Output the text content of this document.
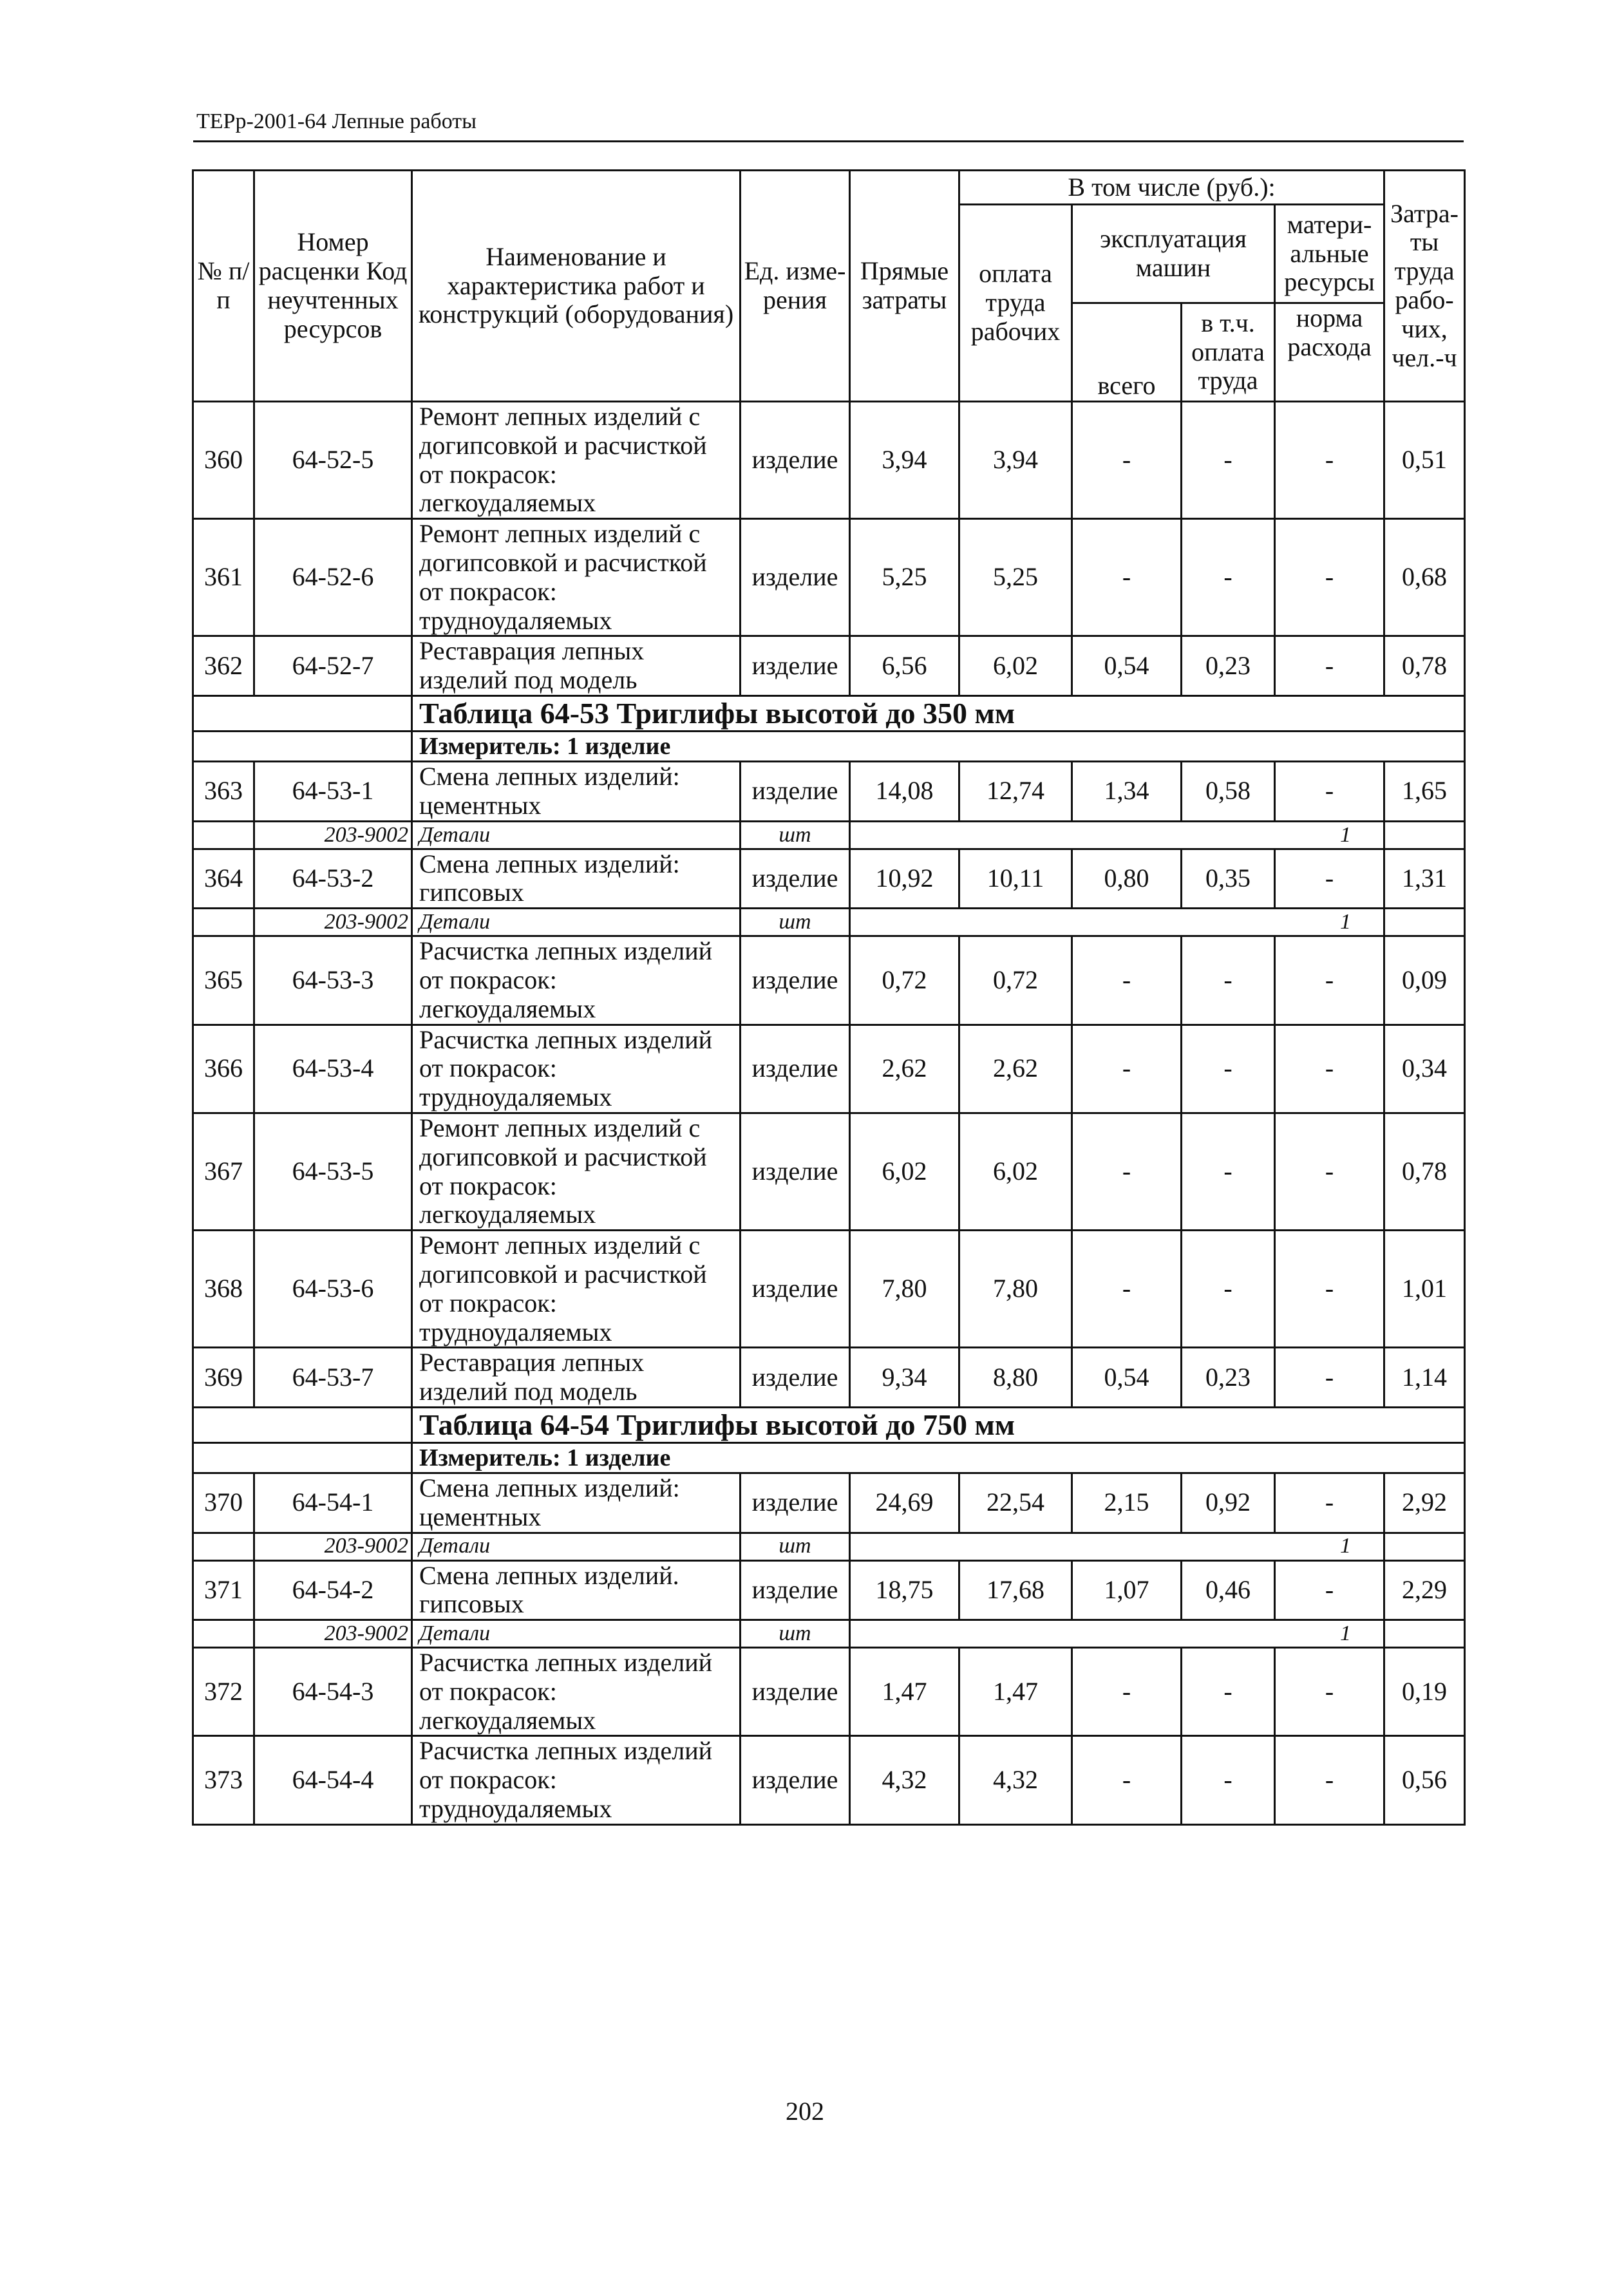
ТЕРр-2001-64 Лепные работы
№ п/п	Номер расценки Код неучтенных ресурсов	Наименование и характеристика работ и конструкций (оборудования)	Ед. изме-рения	Прямые затраты	В том числе (руб.):				Затра-ты труда рабо-чих, чел.-ч
					оплата труда рабочих	эксплуатация машин		матери-альные ресурсы	
						всего	в т.ч. оплата труда	норма расхода	
360	64-52-5	Ремонт лепных изделий с догипсовкой и расчисткой от покрасок: легкоудаляемых	изделие	3,94	3,94	-	-	-	0,51
361	64-52-6	Ремонт лепных изделий с догипсовкой и расчисткой от покрасок: трудноудаляемых	изделие	5,25	5,25	-	-	-	0,68
362	64-52-7	Реставрация лепных изделий под модель	изделие	6,56	6,02	0,54	0,23	-	0,78
		Таблица 64-53 Триглифы высотой до 350 мм							
		Измеритель: 1 изделие							
363	64-53-1	Смена лепных изделий: цементных	изделие	14,08	12,74	1,34	0,58	-	1,65
	203-9002	Детали	шт	1					
364	64-53-2	Смена лепных изделий: гипсовых	изделие	10,92	10,11	0,80	0,35	-	1,31
	203-9002	Детали	шт	1					
365	64-53-3	Расчистка лепных изделий от покрасок: легкоудаляемых	изделие	0,72	0,72	-	-	-	0,09
366	64-53-4	Расчистка лепных изделий от покрасок: трудноудаляемых	изделие	2,62	2,62	-	-	-	0,34
367	64-53-5	Ремонт лепных изделий с догипсовкой и расчисткой от покрасок: легкоудаляемых	изделие	6,02	6,02	-	-	-	0,78
368	64-53-6	Ремонт лепных изделий с догипсовкой и расчисткой от покрасок: трудноудаляемых	изделие	7,80	7,80	-	-	-	1,01
369	64-53-7	Реставрация лепных изделий под модель	изделие	9,34	8,80	0,54	0,23	-	1,14
		Таблица 64-54 Триглифы высотой до 750 мм							
		Измеритель: 1 изделие							
370	64-54-1	Смена лепных изделий: цементных	изделие	24,69	22,54	2,15	0,92	-	2,92
	203-9002	Детали	шт	1					
371	64-54-2	Смена лепных изделий. гипсовых	изделие	18,75	17,68	1,07	0,46	-	2,29
	203-9002	Детали	шт	1					
372	64-54-3	Расчистка лепных изделий от покрасок: легкоудаляемых	изделие	1,47	1,47	-	-	-	0,19
373	64-54-4	Расчистка лепных изделий от покрасок: трудноудаляемых	изделие	4,32	4,32	-	-	-	0,56
202
